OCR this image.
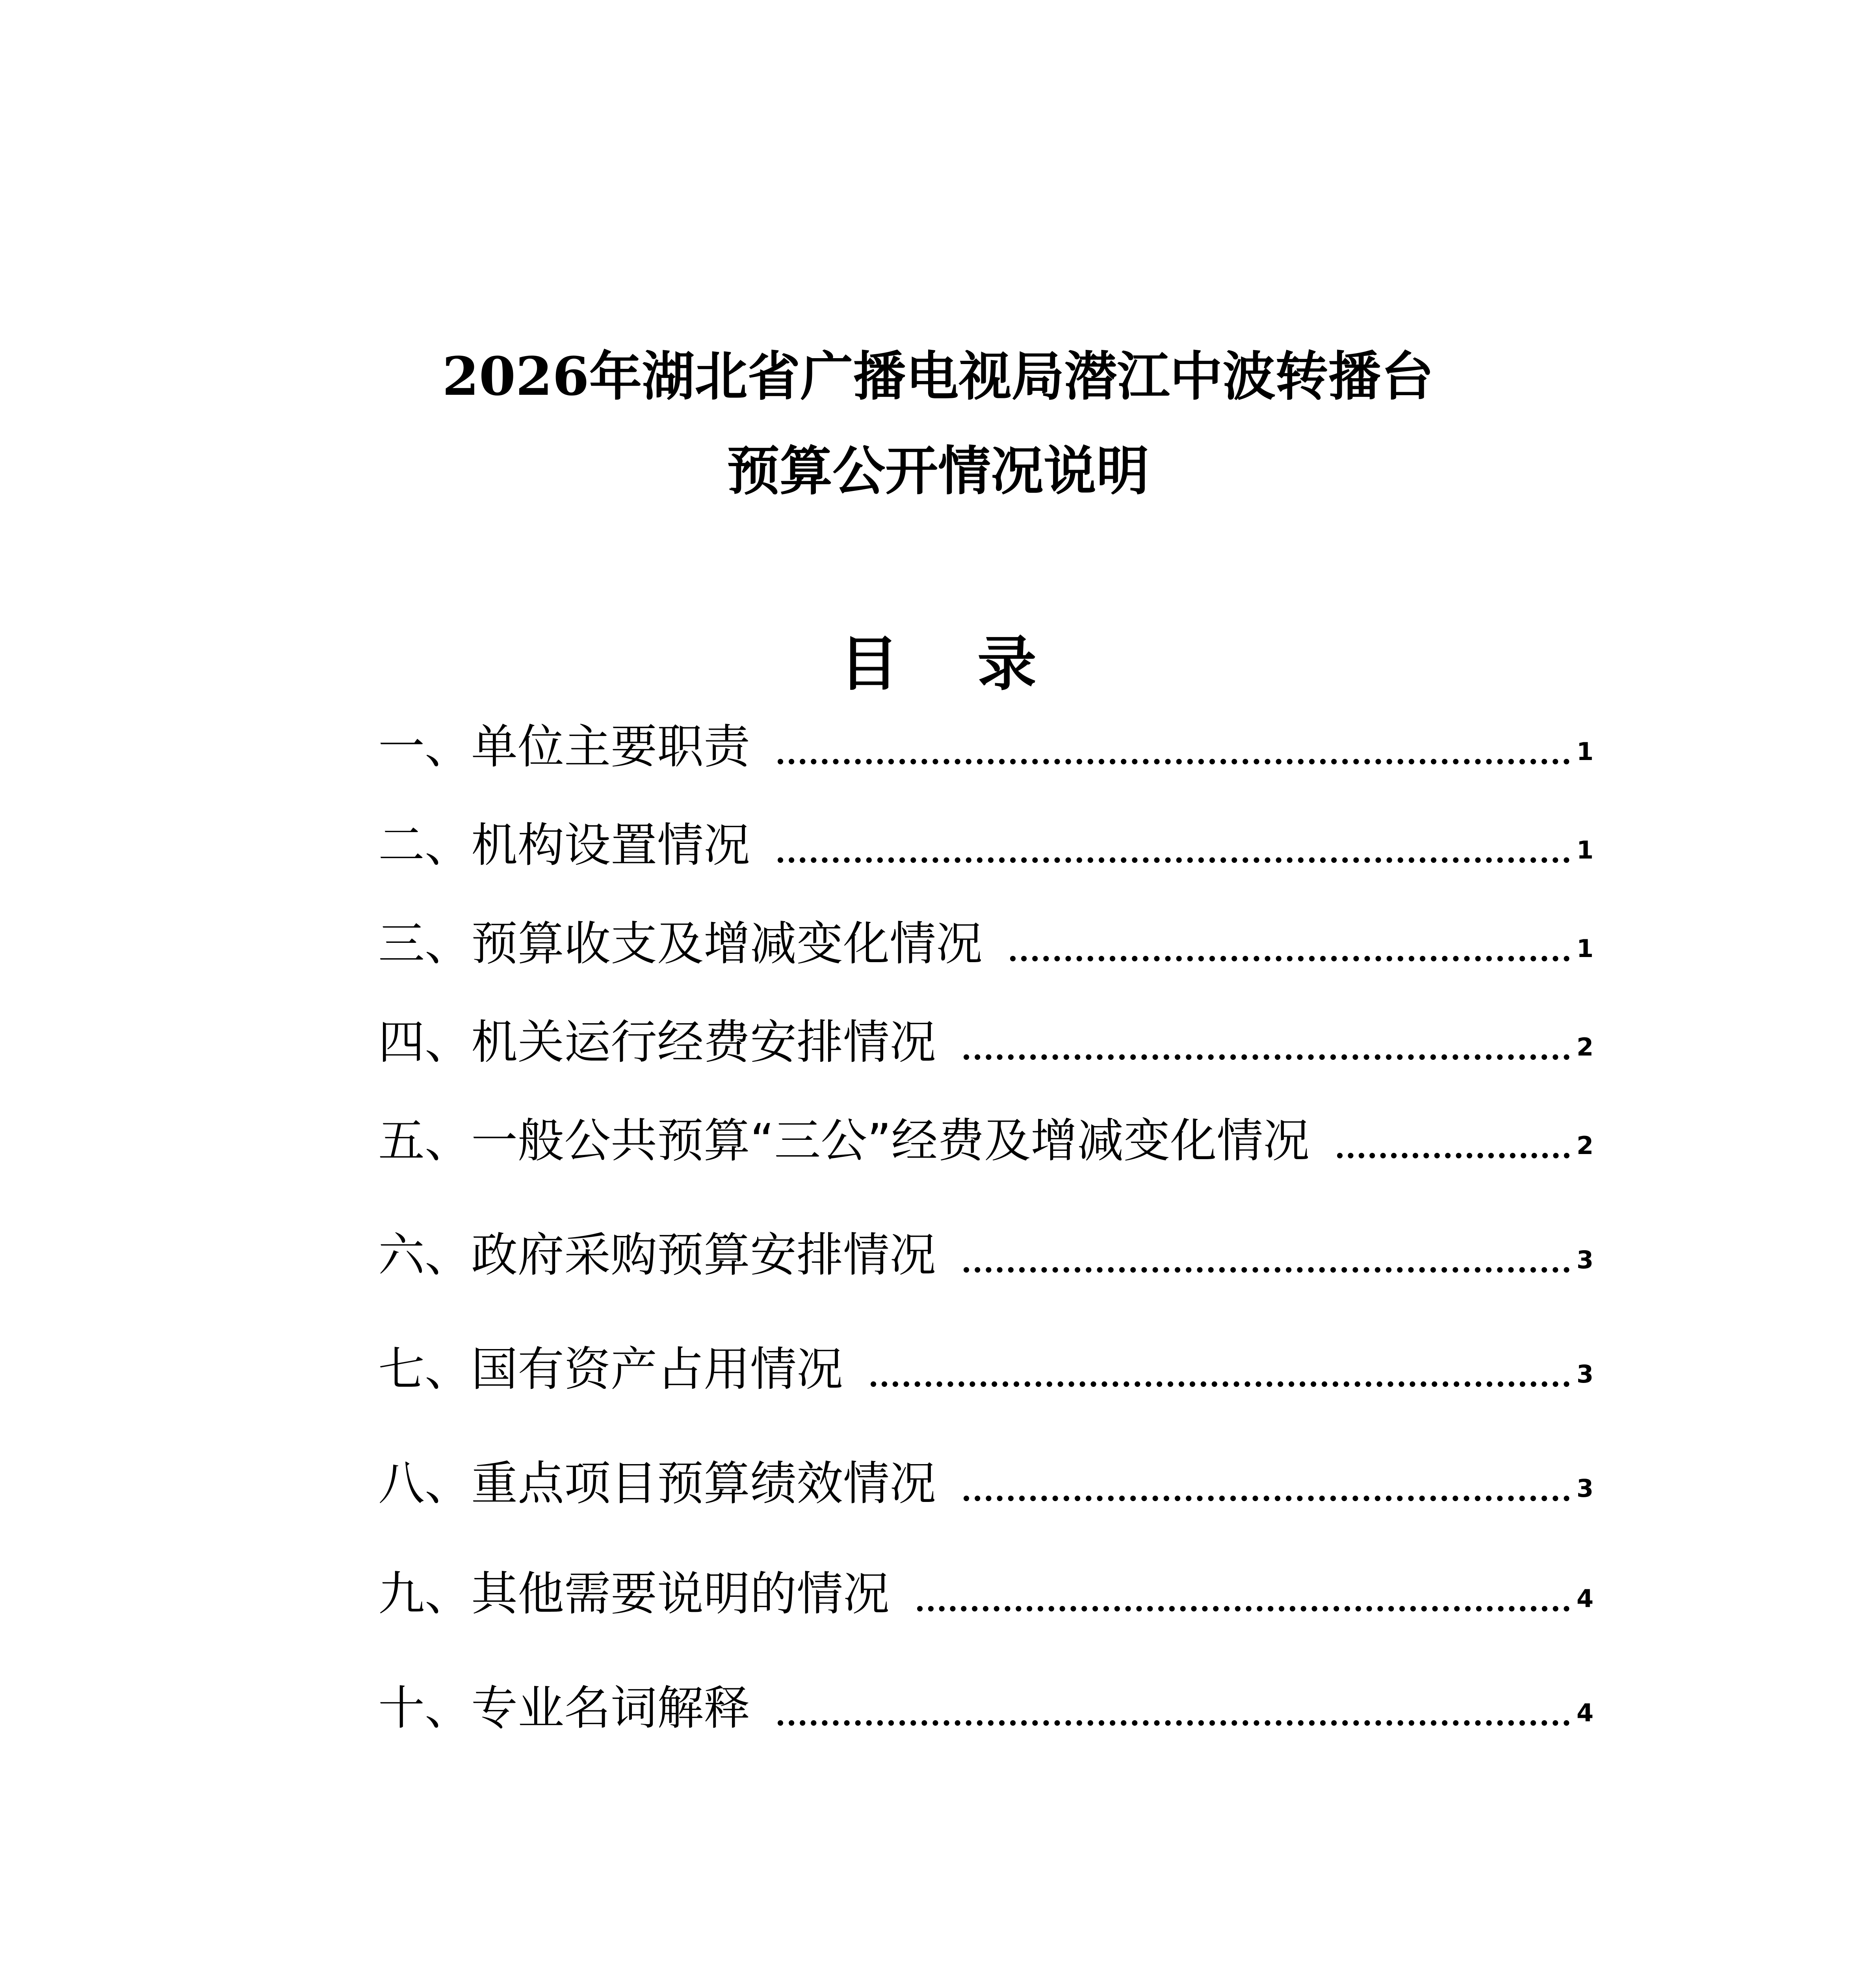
2026年湖北省广播电视局潜江中波转播台
预算公开情况说明
目录
一、单位主要职责	1
二、机构设置情况	1
三、预算收支及增减变化情况	1
四、机关运行经费安排情况	2
五、一般公共预算“三公”经费及增减变化情况	2
六、政府采购预算安排情况	3
七、国有资产占用情况	3
八、重点项目预算绩效情况	3
九、其他需要说明的情况	4
十、专业名词解释	4
